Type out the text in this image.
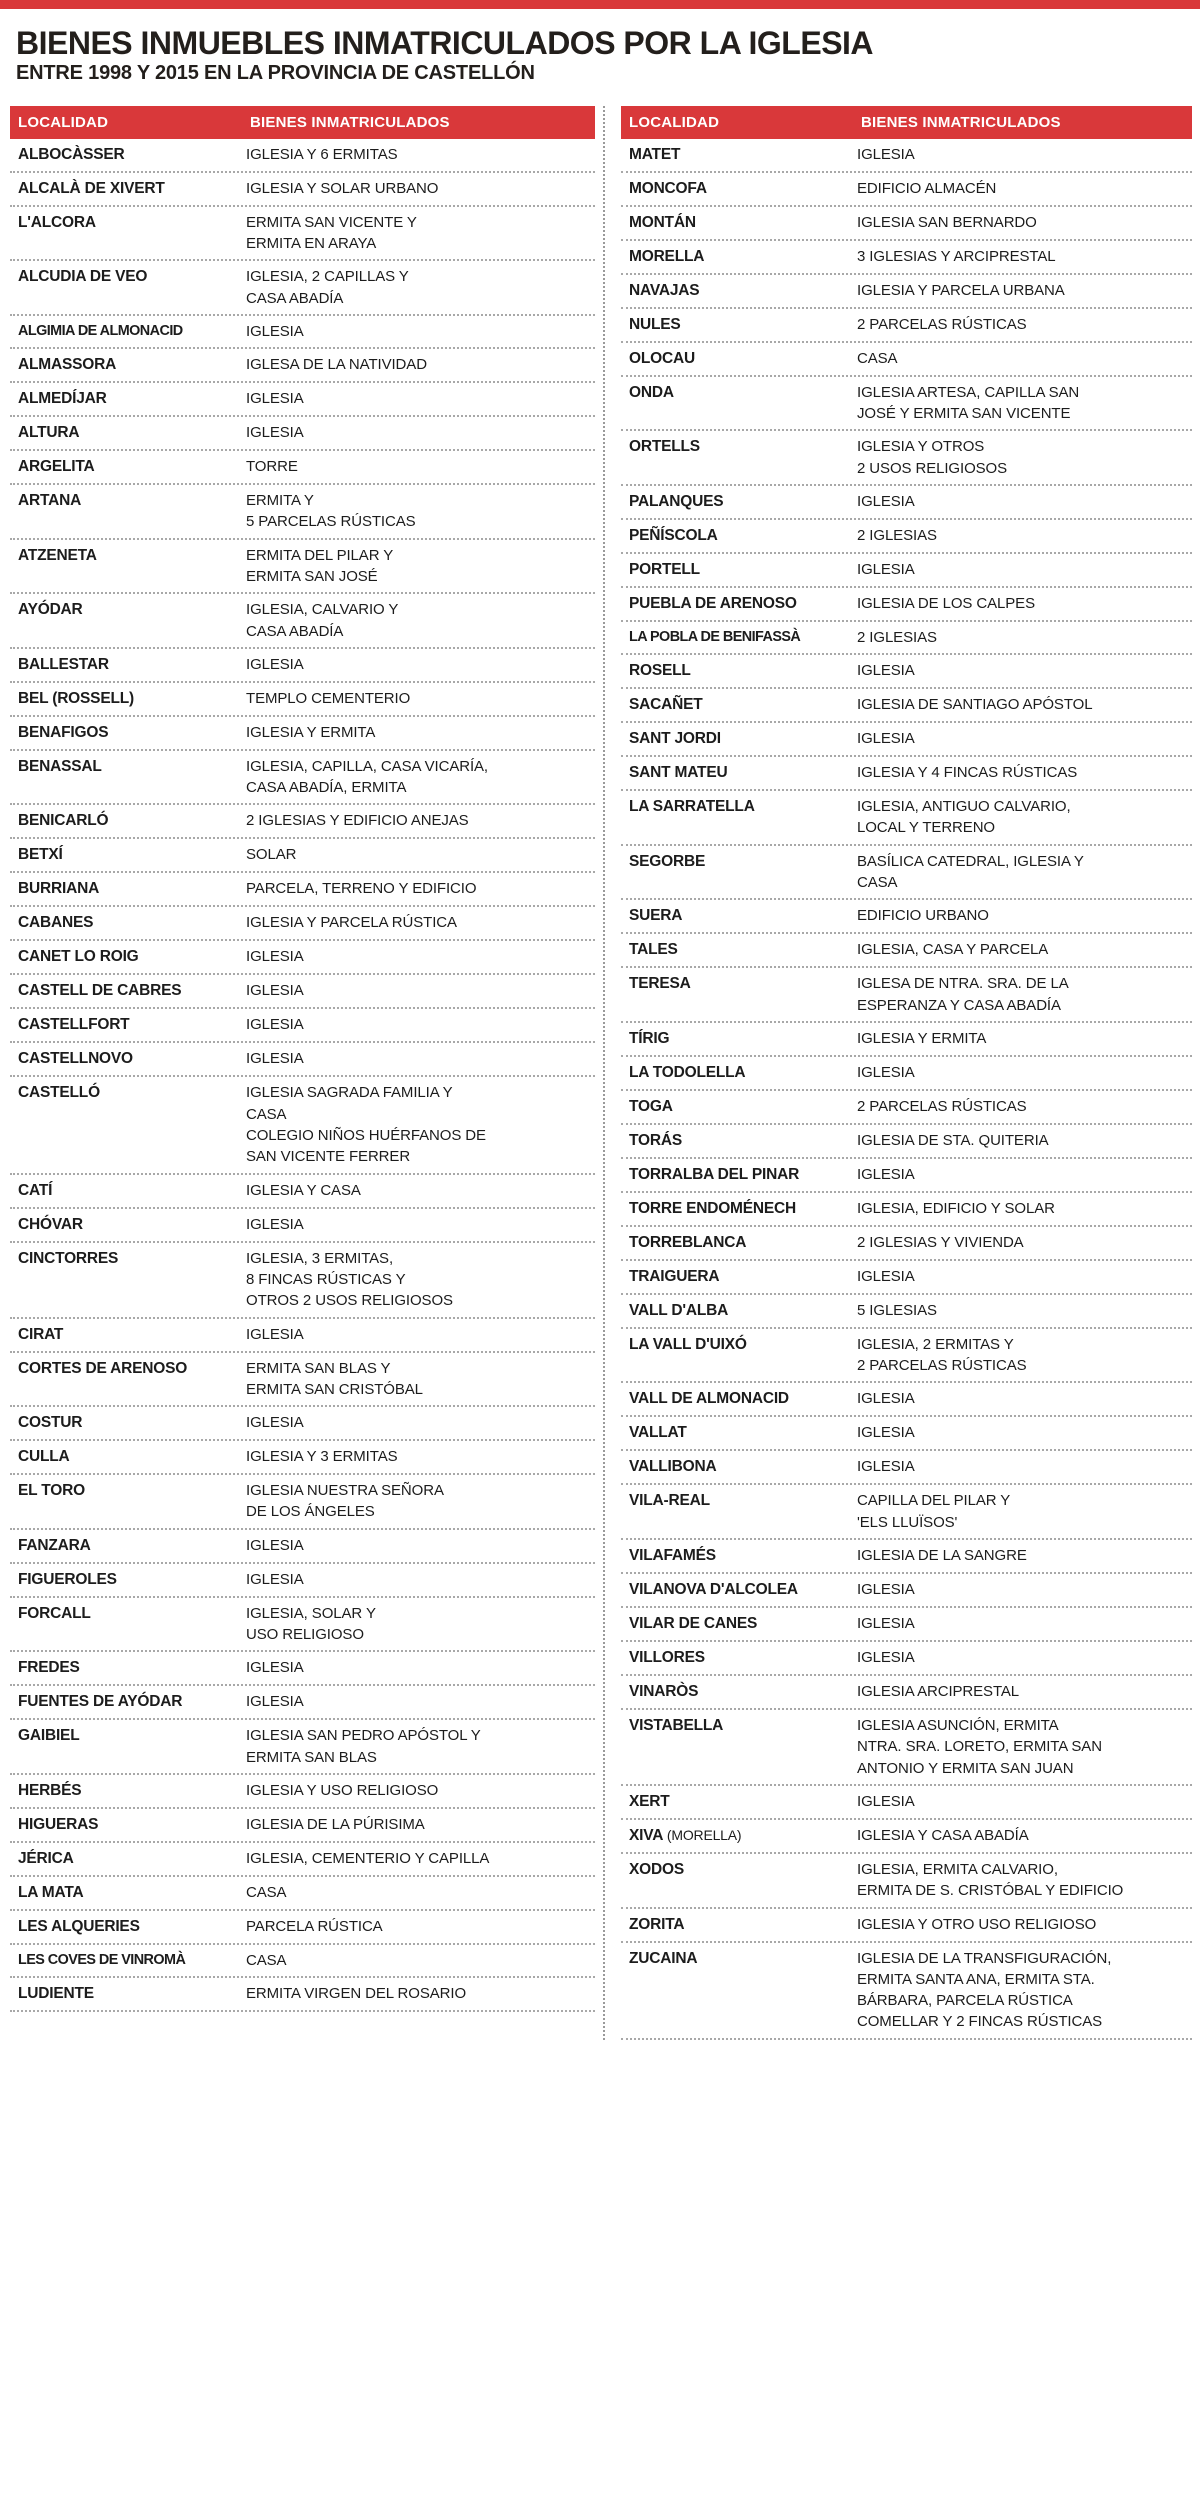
BIENES INMUEBLES INMATRICULADOS POR LA IGLESIA
ENTRE 1998 Y 2015 EN LA PROVINCIA DE CASTELLÓN
LOCALIDAD	BIENES INMATRICULADOS
ALBOCÀSSER	IGLESIA Y 6 ERMITAS
ALCALÀ DE XIVERT	IGLESIA Y SOLAR URBANO
L'ALCORA	ERMITA SAN VICENTE Y
ERMITA EN ARAYA
ALCUDIA DE VEO	IGLESIA, 2 CAPILLAS Y
CASA ABADÍA
ALGIMIA DE ALMONACID	IGLESIA
ALMASSORA	IGLESA DE LA NATIVIDAD
ALMEDÍJAR	IGLESIA
ALTURA	IGLESIA
ARGELITA	TORRE
ARTANA	ERMITA Y
5 PARCELAS RÚSTICAS
ATZENETA	ERMITA DEL PILAR Y
ERMITA SAN JOSÉ
AYÓDAR	IGLESIA, CALVARIO Y
CASA ABADÍA
BALLESTAR	IGLESIA
BEL (ROSSELL)	TEMPLO CEMENTERIO
BENAFIGOS	IGLESIA Y ERMITA
BENASSAL	IGLESIA, CAPILLA, CASA VICARÍA,
CASA ABADÍA, ERMITA
BENICARLÓ	2 IGLESIAS Y EDIFICIO ANEJAS
BETXÍ	SOLAR
BURRIANA	PARCELA, TERRENO Y EDIFICIO
CABANES	IGLESIA Y PARCELA RÚSTICA
CANET LO ROIG	IGLESIA
CASTELL DE CABRES	IGLESIA
CASTELLFORT	IGLESIA
CASTELLNOVO	IGLESIA
CASTELLÓ	IGLESIA SAGRADA FAMILIA Y
CASA
COLEGIO NIÑOS HUÉRFANOS DE
SAN VICENTE FERRER
CATÍ	IGLESIA Y CASA
CHÓVAR	IGLESIA
CINCTORRES	IGLESIA, 3 ERMITAS,
8 FINCAS RÚSTICAS Y
OTROS 2 USOS RELIGIOSOS
CIRAT	IGLESIA
CORTES DE ARENOSO	ERMITA SAN BLAS Y
ERMITA SAN CRISTÓBAL
COSTUR	IGLESIA
CULLA	IGLESIA Y 3 ERMITAS
EL TORO	IGLESIA NUESTRA SEÑORA
DE LOS ÁNGELES
FANZARA	IGLESIA
FIGUEROLES	IGLESIA
FORCALL	IGLESIA, SOLAR Y
USO RELIGIOSO
FREDES	IGLESIA
FUENTES DE AYÓDAR	IGLESIA
GAIBIEL	IGLESIA SAN PEDRO APÓSTOL Y
ERMITA SAN BLAS
HERBÉS	IGLESIA Y USO RELIGIOSO
HIGUERAS	IGLESIA DE LA PÚRISIMA
JÉRICA	IGLESIA, CEMENTERIO Y CAPILLA
LA MATA	CASA
LES ALQUERIES	PARCELA RÚSTICA
LES COVES DE VINROMÀ	CASA
LUDIENTE	ERMITA VIRGEN DEL ROSARIO
LOCALIDAD	BIENES INMATRICULADOS
MATET	IGLESIA
MONCOFA	EDIFICIO ALMACÉN
MONTÁN	IGLESIA SAN BERNARDO
MORELLA	3 IGLESIAS Y ARCIPRESTAL
NAVAJAS	IGLESIA Y PARCELA URBANA
NULES	2 PARCELAS RÚSTICAS
OLOCAU	CASA
ONDA	IGLESIA ARTESA, CAPILLA SAN
JOSÉ Y ERMITA SAN VICENTE
ORTELLS	IGLESIA Y OTROS
2 USOS RELIGIOSOS
PALANQUES	IGLESIA
PEÑÍSCOLA	2 IGLESIAS
PORTELL	IGLESIA
PUEBLA DE ARENOSO	IGLESIA DE LOS CALPES
LA POBLA DE BENIFASSÀ	2 IGLESIAS
ROSELL	IGLESIA
SACAÑET	IGLESIA DE SANTIAGO APÓSTOL
SANT JORDI	IGLESIA
SANT MATEU	IGLESIA Y 4 FINCAS RÚSTICAS
LA SARRATELLA	IGLESIA, ANTIGUO CALVARIO,
LOCAL Y TERRENO
SEGORBE	BASÍLICA CATEDRAL, IGLESIA Y
CASA
SUERA	EDIFICIO URBANO
TALES	IGLESIA, CASA Y PARCELA
TERESA	IGLESA DE NTRA. SRA. DE LA
ESPERANZA Y CASA ABADÍA
TÍRIG	IGLESIA Y ERMITA
LA TODOLELLA	IGLESIA
TOGA	2 PARCELAS RÚSTICAS
TORÁS	IGLESIA DE STA. QUITERIA
TORRALBA DEL PINAR	IGLESIA
TORRE ENDOMÉNECH	IGLESIA, EDIFICIO Y SOLAR
TORREBLANCA	2 IGLESIAS Y VIVIENDA
TRAIGUERA	IGLESIA
VALL D'ALBA	5 IGLESIAS
LA VALL D'UIXÓ	IGLESIA, 2 ERMITAS Y
2 PARCELAS RÚSTICAS
VALL DE ALMONACID	IGLESIA
VALLAT	IGLESIA
VALLIBONA	IGLESIA
VILA-REAL	CAPILLA DEL PILAR Y
'ELS LLUÏSOS'
VILAFAMÉS	IGLESIA DE LA SANGRE
VILANOVA D'ALCOLEA	IGLESIA
VILAR DE CANES	IGLESIA
VILLORES	IGLESIA
VINARÒS	IGLESIA ARCIPRESTAL
VISTABELLA	IGLESIA ASUNCIÓN, ERMITA
NTRA. SRA. LORETO, ERMITA SAN
ANTONIO Y ERMITA SAN JUAN
XERT	IGLESIA
XIVA (MORELLA)	IGLESIA Y CASA ABADÍA
XODOS	IGLESIA, ERMITA CALVARIO,
ERMITA DE S. CRISTÓBAL Y EDIFICIO
ZORITA	IGLESIA Y OTRO USO RELIGIOSO
ZUCAINA	IGLESIA DE LA TRANSFIGURACIÓN,
ERMITA SANTA ANA, ERMITA STA.
BÁRBARA, PARCELA RÚSTICA
COMELLAR Y 2 FINCAS RÚSTICAS
